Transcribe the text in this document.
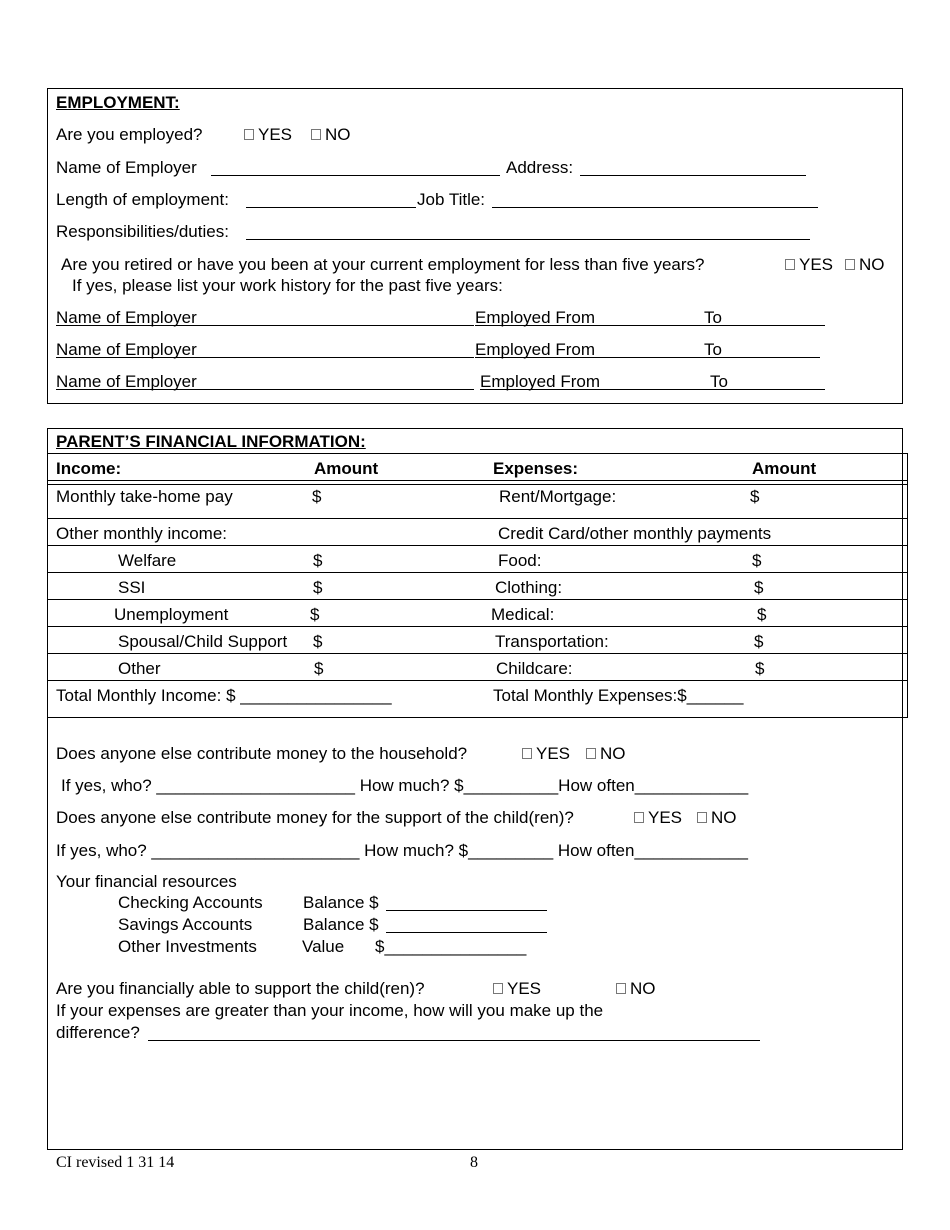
EMPLOYMENT:
Are you employed?	YES	NO
Name of Employer	Address:
Length of employment:	Job Title:
Responsibilities/duties:
Are you retired or have you been at your current employment for less than five years?	YES	NO
If yes, please list your work history for the past five years:
Name of Employer	Employed From	To
Name of Employer	Employed From	To
Name of Employer	Employed From	To
PARENT’S FINANCIAL INFORMATION:
Income:	Amount	Expenses:	Amount
Monthly take-home pay	$	Rent/Mortgage:	$
Other monthly income:	Credit Card/other monthly payments
Welfare	$	Food:	$
SSI	$	Clothing:	$
Unemployment	$	Medical:	$
Spousal/Child Support $	Transportation:	$
Other	$	Childcare:	$
Total Monthly Income: $ ________________	Total Monthly Expenses:$______
Does anyone else contribute money to the household?	YES	NO
If yes, who? _____________________ How much? $__________How often____________
Does anyone else contribute money for the support of the child(ren)?	YES	NO
If yes, who? ______________________ How much? $_________ How often____________
Your financial resources
Checking Accounts Balance $
Savings Accounts	Balance $
Other Investments	Value $_______________
Are you financially able to support the child(ren)?	YES	NO
If your expenses are greater than your income, how will you make up the
difference?
CI revised 1 31 14	8
